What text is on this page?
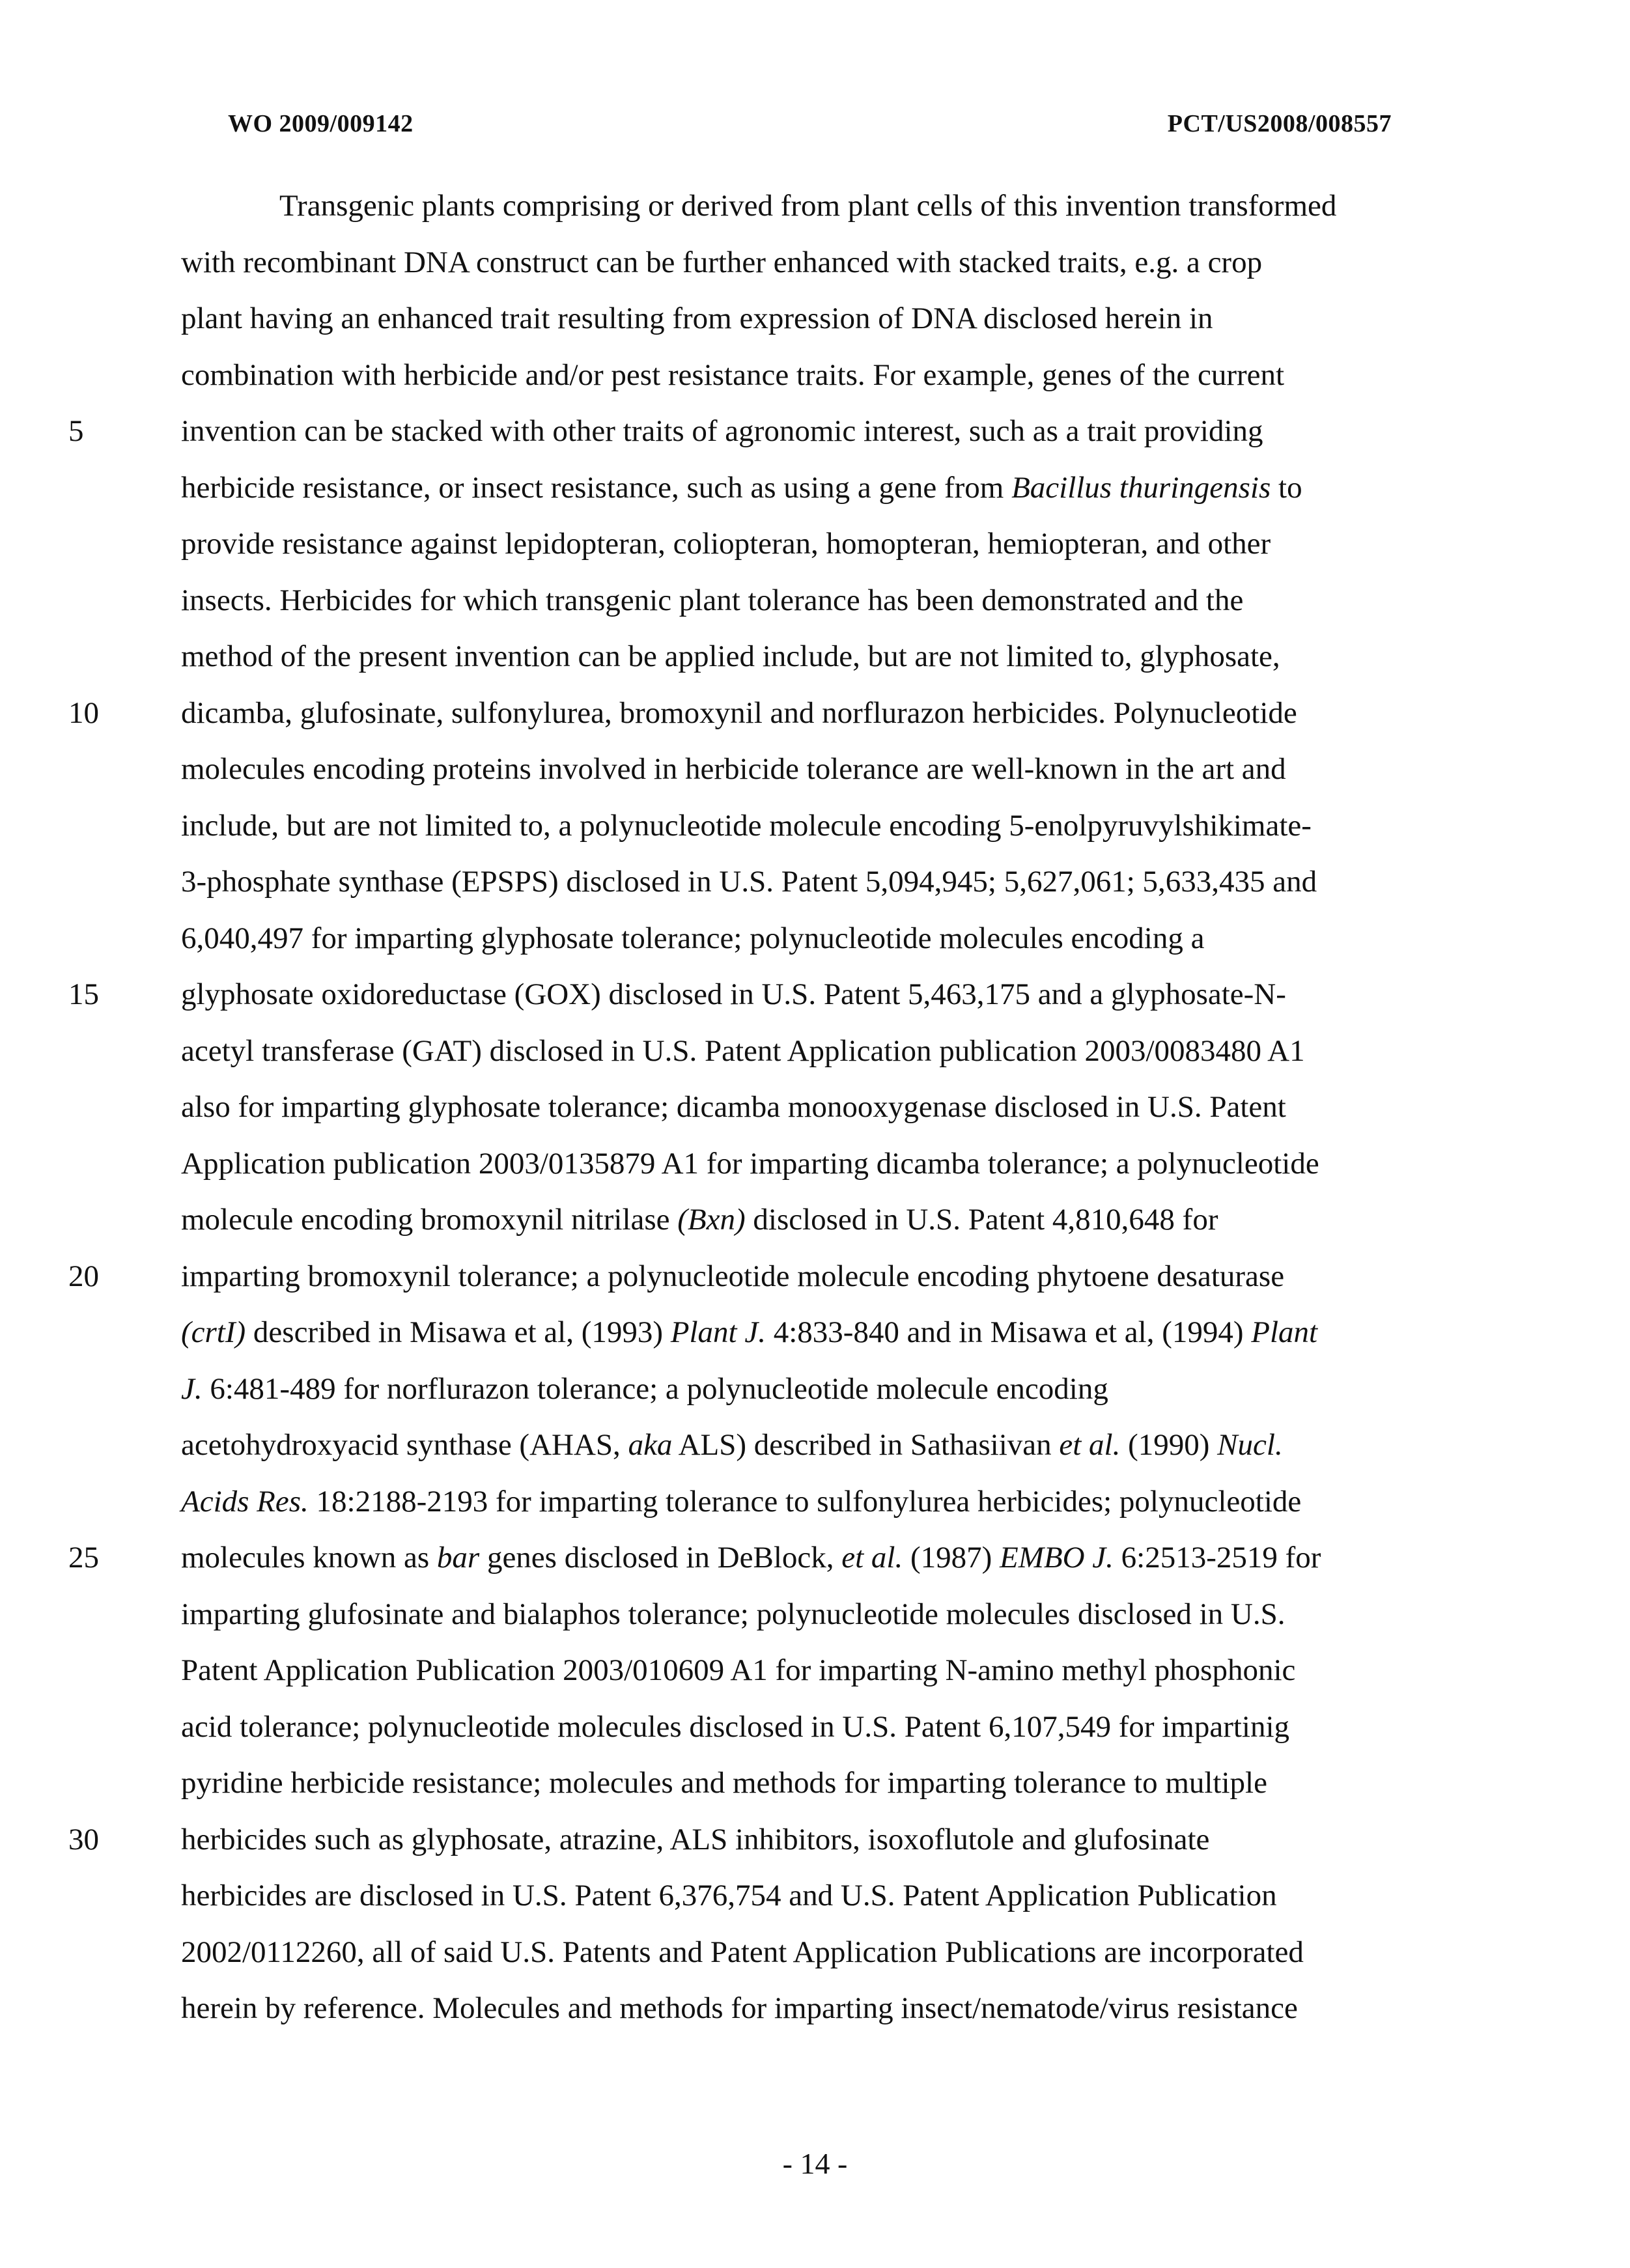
WO 2009/009142	PCT/US2008/008557
Transgenic plants comprising or derived from plant cells of this invention transformed
with recombinant DNA construct can be further enhanced with stacked traits, e.g. a crop
plant having an enhanced trait resulting from expression of DNA disclosed herein in
combination with herbicide and/or pest resistance traits. For example, genes of the current
invention can be stacked with other traits of agronomic interest, such as a trait providing
herbicide resistance, or insect resistance, such as using a gene from Bacillus thuringensis to
provide resistance against lepidopteran, coliopteran, homopteran, hemiopteran, and other
insects. Herbicides for which transgenic plant tolerance has been demonstrated and the
method of the present invention can be applied include, but are not limited to, glyphosate,
dicamba, glufosinate, sulfonylurea, bromoxynil and norflurazon herbicides. Polynucleotide
molecules encoding proteins involved in herbicide tolerance are well-known in the art and
include, but are not limited to, a polynucleotide molecule encoding 5-enolpyruvylshikimate-
3-phosphate synthase (EPSPS) disclosed in U.S. Patent 5,094,945; 5,627,061; 5,633,435 and
6,040,497 for imparting glyphosate tolerance; polynucleotide molecules encoding a
glyphosate oxidoreductase (GOX) disclosed in U.S. Patent 5,463,175 and a glyphosate-N-
acetyl transferase (GAT) disclosed in U.S. Patent Application publication 2003/0083480 A1
also for imparting glyphosate tolerance; dicamba monooxygenase disclosed in U.S. Patent
Application publication 2003/0135879 A1 for imparting dicamba tolerance; a polynucleotide
molecule encoding bromoxynil nitrilase (Bxn) disclosed in U.S. Patent 4,810,648 for
imparting bromoxynil tolerance; a polynucleotide molecule encoding phytoene desaturase
(crtI) described in Misawa et al, (1993) Plant J. 4:833-840 and in Misawa et al, (1994) Plant
J. 6:481-489 for norflurazon tolerance; a polynucleotide molecule encoding
acetohydroxyacid synthase (AHAS, aka ALS) described in Sathasiivan et al. (1990) Nucl.
Acids Res. 18:2188-2193 for imparting tolerance to sulfonylurea herbicides; polynucleotide
molecules known as bar genes disclosed in DeBlock, et al. (1987) EMBO J. 6:2513-2519 for
imparting glufosinate and bialaphos tolerance; polynucleotide molecules disclosed in U.S.
Patent Application Publication 2003/010609 A1 for imparting N-amino methyl phosphonic
acid tolerance; polynucleotide molecules disclosed in U.S. Patent 6,107,549 for impartinig
pyridine herbicide resistance; molecules and methods for imparting tolerance to multiple
herbicides such as glyphosate, atrazine, ALS inhibitors, isoxoflutole and glufosinate
herbicides are disclosed in U.S. Patent 6,376,754 and U.S. Patent Application Publication
2002/0112260, all of said U.S. Patents and Patent Application Publications are incorporated
herein by reference. Molecules and methods for imparting insect/nematode/virus resistance
5
10
15
20
25
30
- 14 -
